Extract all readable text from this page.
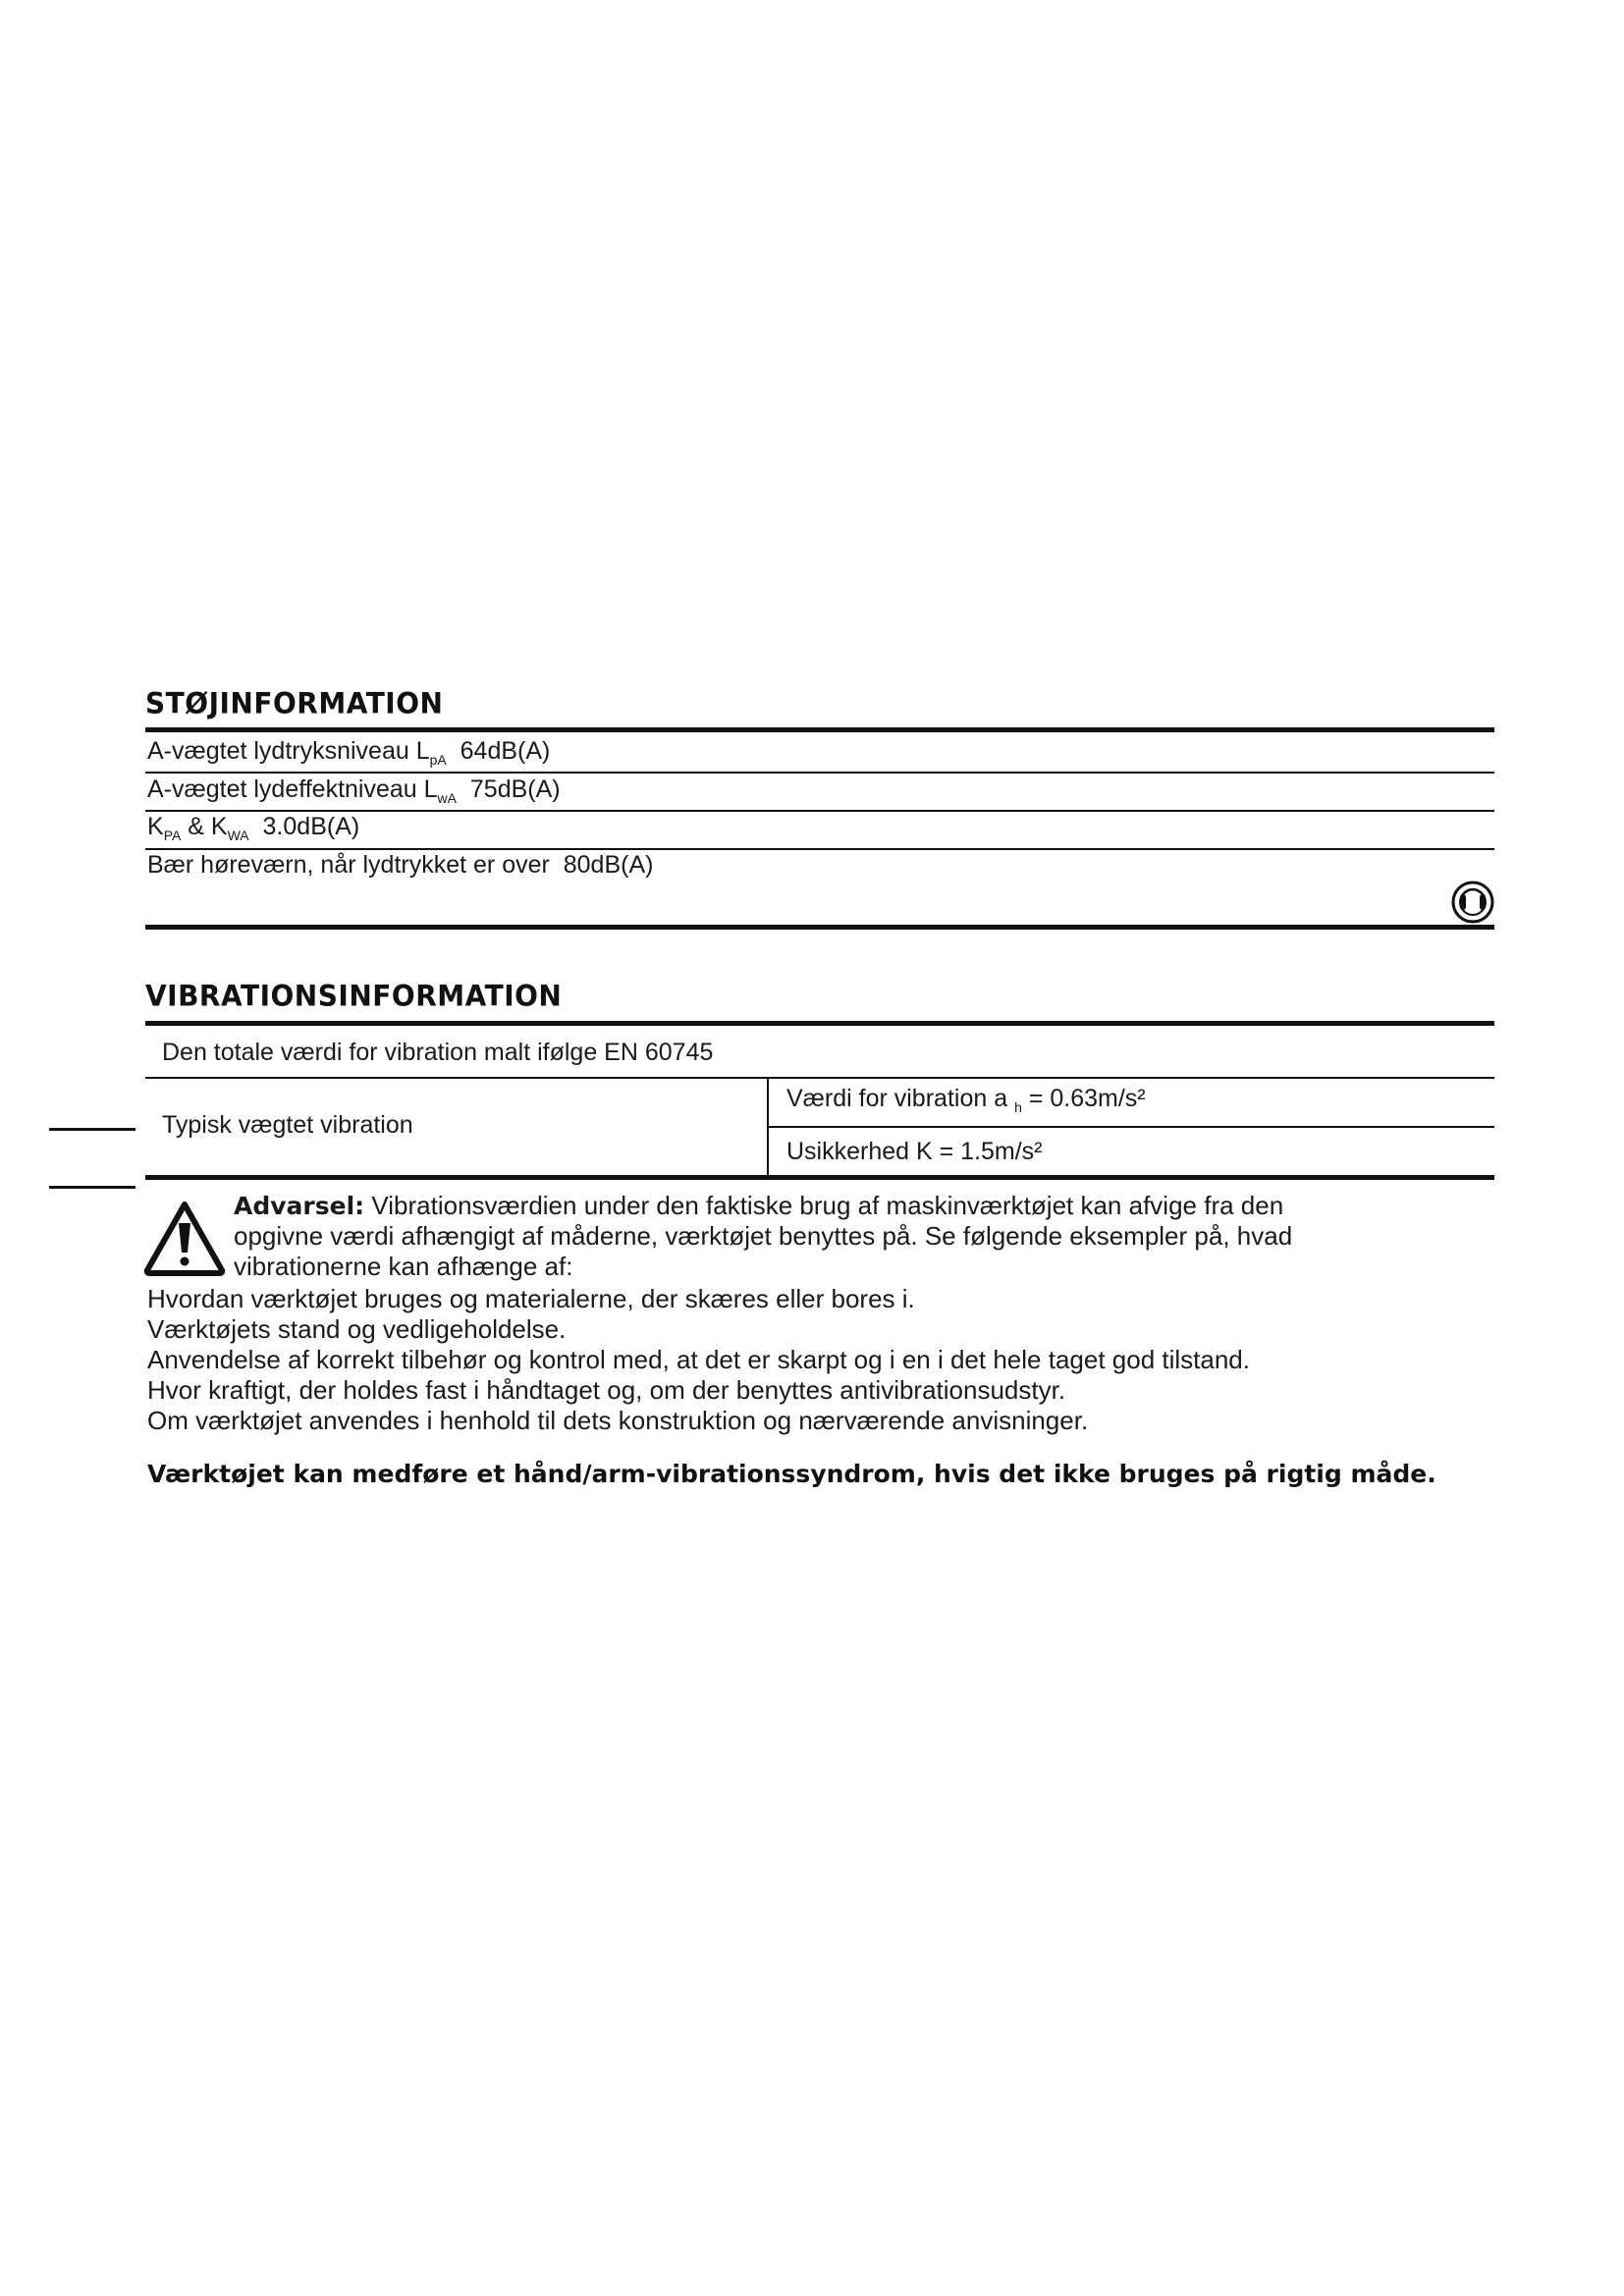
STØJINFORMATION
A-vægtet lydtryksniveau $L_{pA}$ 64dB(A)
A-vægtet lydeffektniveau $L_{wA}$ 75dB(A)
$K_{PA}$ & $K_{WA}$ 3.0dB(A)
Bær høreværn, når lydtrykket er over 80dB(A)
VIBRATIONSINFORMATION
Den totale værdi for vibration malt ifølge EN 60745
Typisk vægtet vibration
Værdi for vibration a $_h$ = 0.63m/s²
Usikkerhed K = 1.5m/s²

Advarsel: Vibrationsværdien under den faktiske brug af maskinværktøjet kan afvige fra den
opgivne værdi afhængigt af måderne, værktøjet benyttes på. Se følgende eksempler på, hvad
vibrationerne kan afhænge af:

Hvordan værktøjet bruges og materialerne, der skæres eller bores i.
Værktøjets stand og vedligeholdelse.
Anvendelse af korrekt tilbehør og kontrol med, at det er skarpt og i en i det hele taget god tilstand.
Hvor kraftigt, der holdes fast i håndtaget og, om der benyttes antivibrationsudstyr.
Om værktøjet anvendes i henhold til dets konstruktion og nærværende anvisninger.

Værktøjet kan medføre et hånd/arm-vibrationssyndrom, hvis det ikke bruges på rigtig måde.
